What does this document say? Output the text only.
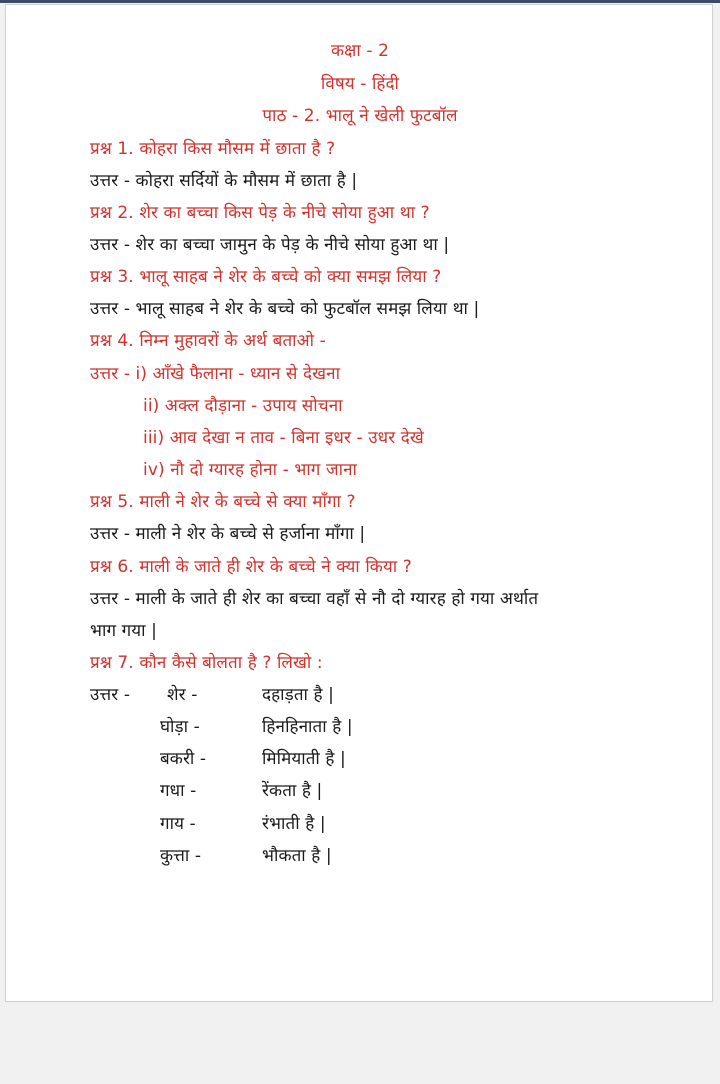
कक्षा - 2
विषय - हिंदी
पाठ - 2. भालू ने खेली फुटबॉल
प्रश्न 1. कोहरा किस मौसम में छाता है ?
उत्तर - कोहरा सर्दियों के मौसम में छाता है |
प्रश्न 2. शेर का बच्चा किस पेड़ के नीचे सोया हुआ था ?
उत्तर - शेर का बच्चा जामुन के पेड़ के नीचे सोया हुआ था |
प्रश्न 3. भालू साहब ने शेर के बच्चे को क्या समझ लिया ?
उत्तर - भालू साहब ने शेर के बच्चे को फुटबॉल समझ लिया था |
प्रश्न 4. निम्न मुहावरों के अर्थ बताओ -
उत्तर - i) आँखे फैलाना - ध्यान से देखना
ii) अक्ल दौड़ाना - उपाय सोचना
iii) आव देखा न ताव - बिना इधर - उधर देखे
iv) नौ दो ग्यारह होना - भाग जाना
प्रश्न 5. माली ने शेर के बच्चे से क्या माँगा ?
उत्तर - माली ने शेर के बच्चे से हर्जाना माँगा |
प्रश्न 6. माली के जाते ही शेर के बच्चे ने क्या किया ?
उत्तर - माली के जाते ही शेर का बच्चा वहाँ से नौ दो ग्यारह हो गया अर्थात
भाग गया |
प्रश्न 7. कौन कैसे बोलता है ? लिखो :
उत्तर - शेर -	दहाड़ता है |
घोड़ा -	हिनहिनाता है |
बकरी -	मिमियाती है |
गधा -	रेंकता है |
गाय -	रंभाती है |
कुत्ता -	भौकता है |
